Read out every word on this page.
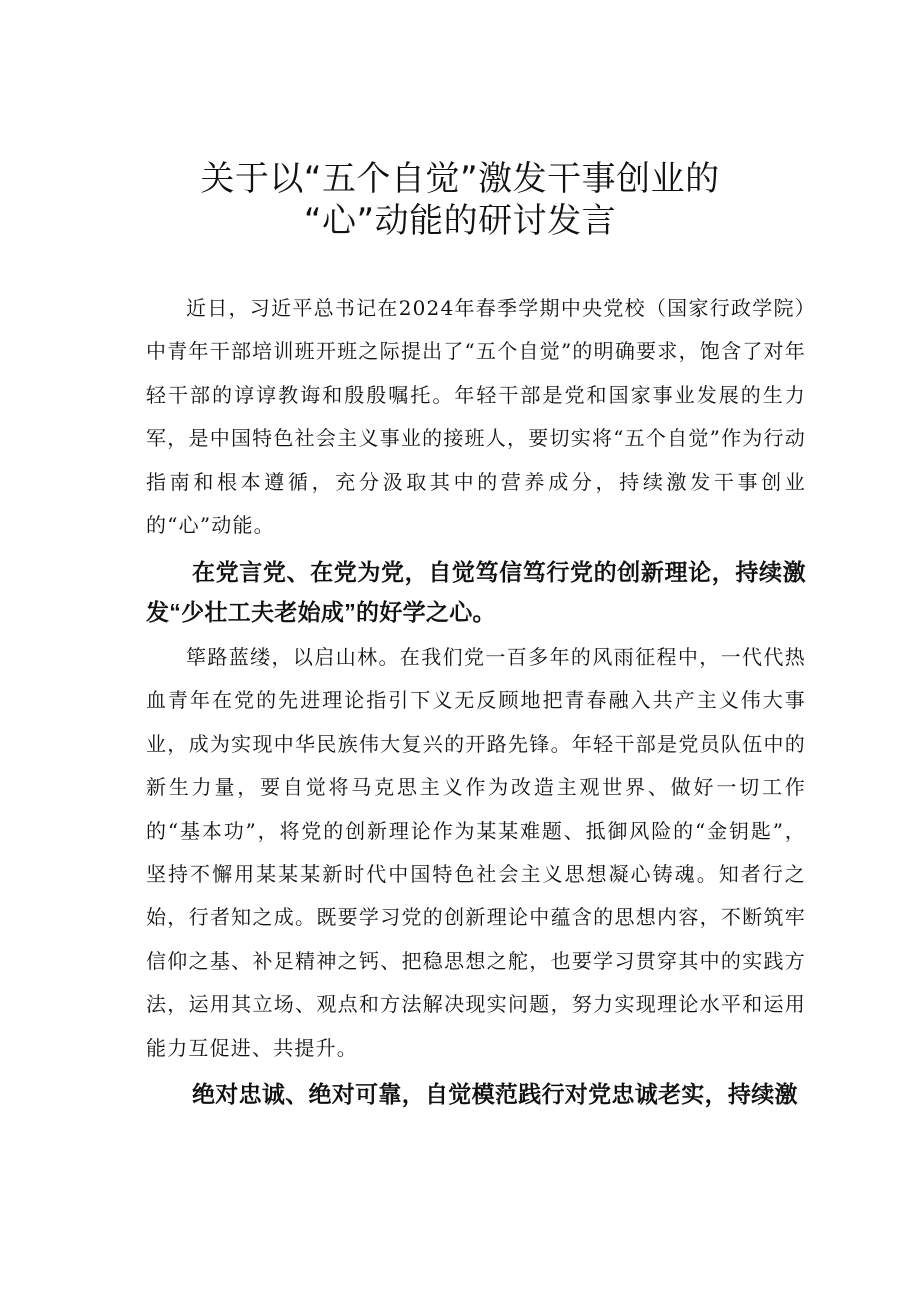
关于以“五个自觉”激发干事创业的
“心”动能的研讨发言

近日，习近平总书记在2024年春季学期中央党校（国家行政学院）中青年干部培训班开班之际提出了“五个自觉”的明确要求，饱含了对年轻干部的谆谆教诲和殷殷嘱托。年轻干部是党和国家事业发展的生力军，是中国特色社会主义事业的接班人，要切实将“五个自觉”作为行动指南和根本遵循，充分汲取其中的营养成分，持续激发干事创业的“心”动能。

在党言党、在党为党，自觉笃信笃行党的创新理论，持续激发“少壮工夫老始成”的好学之心。

筚路蓝缕，以启山林。在我们党一百多年的风雨征程中，一代代热血青年在党的先进理论指引下义无反顾地把青春融入共产主义伟大事业，成为实现中华民族伟大复兴的开路先锋。年轻干部是党员队伍中的新生力量，要自觉将马克思主义作为改造主观世界、做好一切工作的“基本功”，将党的创新理论作为某某难题、抵御风险的“金钥匙”，坚持不懈用某某某新时代中国特色社会主义思想凝心铸魂。知者行之始，行者知之成。既要学习党的创新理论中蕴含的思想内容，不断筑牢信仰之基、补足精神之钙、把稳思想之舵，也要学习贯穿其中的实践方法，运用其立场、观点和方法解决现实问题，努力实现理论水平和运用能力互促进、共提升。

绝对忠诚、绝对可靠，自觉模范践行对党忠诚老实，持续激
